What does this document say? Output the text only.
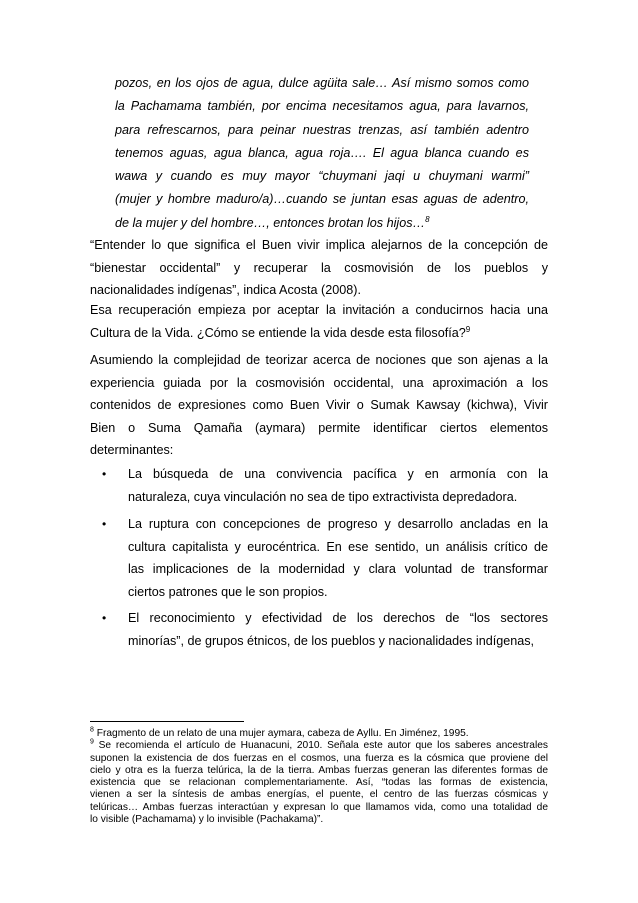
pozos, en los ojos de agua, dulce agüita sale… Así mismo somos como
la Pachamama también, por encima necesitamos agua, para lavarnos,
para refrescarnos, para peinar nuestras trenzas, así también adentro
tenemos aguas, agua blanca, agua roja…. El agua blanca cuando es
wawa y cuando es muy mayor “chuymani jaqi u chuymani warmi”
(mujer y hombre maduro/a)…cuando se juntan esas aguas de adentro,
de la mujer y del hombre…, entonces brotan los hijos…$^8$
“Entender lo que significa el Buen vivir implica alejarnos de la concepción de
“bienestar occidental” y recuperar la cosmovisión de los pueblos y
nacionalidades indígenas”, indica Acosta (2008).
Esa recuperación empieza por aceptar la invitación a conducirnos hacia una
Cultura de la Vida. ¿Cómo se entiende la vida desde esta filosofía?$^9$
Asumiendo la complejidad de teorizar acerca de nociones que son ajenas a la
experiencia guiada por la cosmovisión occidental, una aproximación a los
contenidos de expresiones como Buen Vivir o Sumak Kawsay (kichwa), Vivir
Bien o Suma Qamaña (aymara) permite identificar ciertos elementos
determinantes:
•	La búsqueda de una convivencia pacífica y en armonía con la
naturaleza, cuya vinculación no sea de tipo extractivista depredadora.
•	La ruptura con concepciones de progreso y desarrollo ancladas en la
cultura capitalista y eurocéntrica. En ese sentido, un análisis crítico de
las implicaciones de la modernidad y clara voluntad de transformar
ciertos patrones que le son propios.
•	El reconocimiento y efectividad de los derechos de “los sectores
minorías”, de grupos étnicos, de los pueblos y nacionalidades indígenas,
$^8$ Fragmento de un relato de una mujer aymara, cabeza de Ayllu. En Jiménez, 1995.
$^9$ Se recomienda el artículo de Huanacuni, 2010. Señala este autor que los saberes ancestrales
suponen la existencia de dos fuerzas en el cosmos, una fuerza es la cósmica que proviene del
cielo y otra es la fuerza telúrica, la de la tierra. Ambas fuerzas generan las diferentes formas de
existencia que se relacionan complementariamente. Así, “todas las formas de existencia,
vienen a ser la síntesis de ambas energías, el puente, el centro de las fuerzas cósmicas y
telúricas… Ambas fuerzas interactúan y expresan lo que llamamos vida, como una totalidad de
lo visible (Pachamama) y lo invisible (Pachakama)”.
